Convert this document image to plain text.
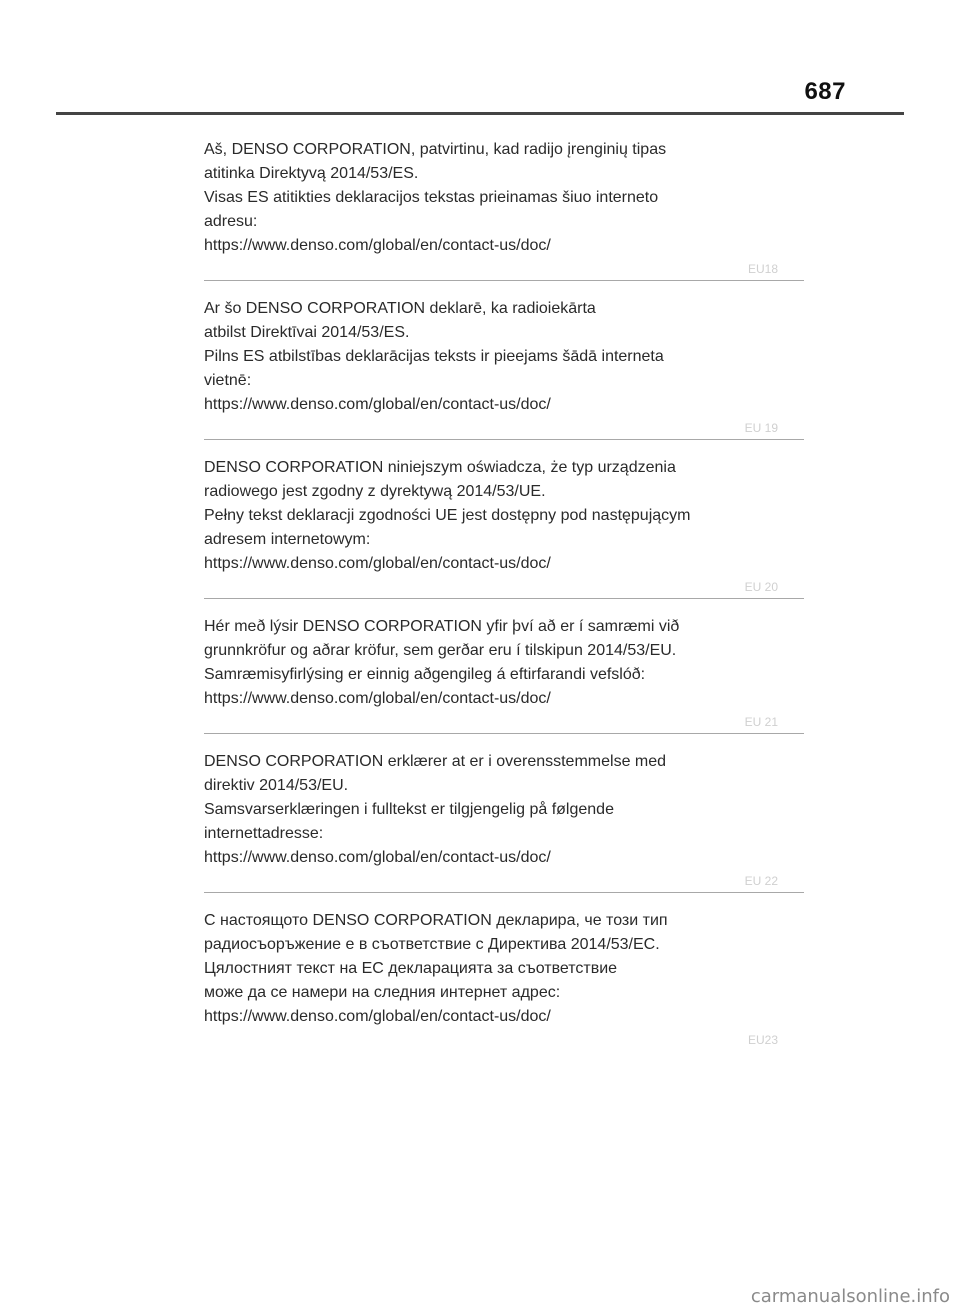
687
Aš, DENSO CORPORATION, patvirtinu, kad radijo įrenginių tipas
atitinka Direktyvą 2014/53/ES.
Visas ES atitikties deklaracijos tekstas prieinamas šiuo interneto
adresu:
https://www.denso.com/global/en/contact-us/doc/
EU18
Ar šo DENSO CORPORATION deklarē, ka radioiekārta
atbilst Direktīvai 2014/53/ES.
Pilns ES atbilstības deklarācijas teksts ir pieejams šādā interneta
vietnē:
https://www.denso.com/global/en/contact-us/doc/
EU 19
DENSO CORPORATION niniejszym oświadcza, że typ urządzenia
radiowego jest zgodny z dyrektywą 2014/53/UE.
Pełny tekst deklaracji zgodności UE jest dostępny pod następującym
adresem internetowym:
https://www.denso.com/global/en/contact-us/doc/
EU 20
Hér með lýsir DENSO CORPORATION yfir því að er í samræmi við
grunnkröfur og aðrar kröfur, sem gerðar eru í tilskipun 2014/53/EU.
Samræmisyfirlýsing er einnig aðgengileg á eftirfarandi vefslóð:
https://www.denso.com/global/en/contact-us/doc/
EU 21
DENSO CORPORATION erklærer at er i overensstemmelse med
direktiv 2014/53/EU.
Samsvarserklæringen i fulltekst er tilgjengelig på følgende
internettadresse:
https://www.denso.com/global/en/contact-us/doc/
EU 22
С настоящото DENSO CORPORATION декларира, че този тип
радиосъоръжение е в съответствие с Директива 2014/53/ЕС.
Цялостният текст на ЕС декларацията за съответствие
може да се намери на следния интернет адрес:
https://www.denso.com/global/en/contact-us/doc/
EU23
carmanualsonline.info
